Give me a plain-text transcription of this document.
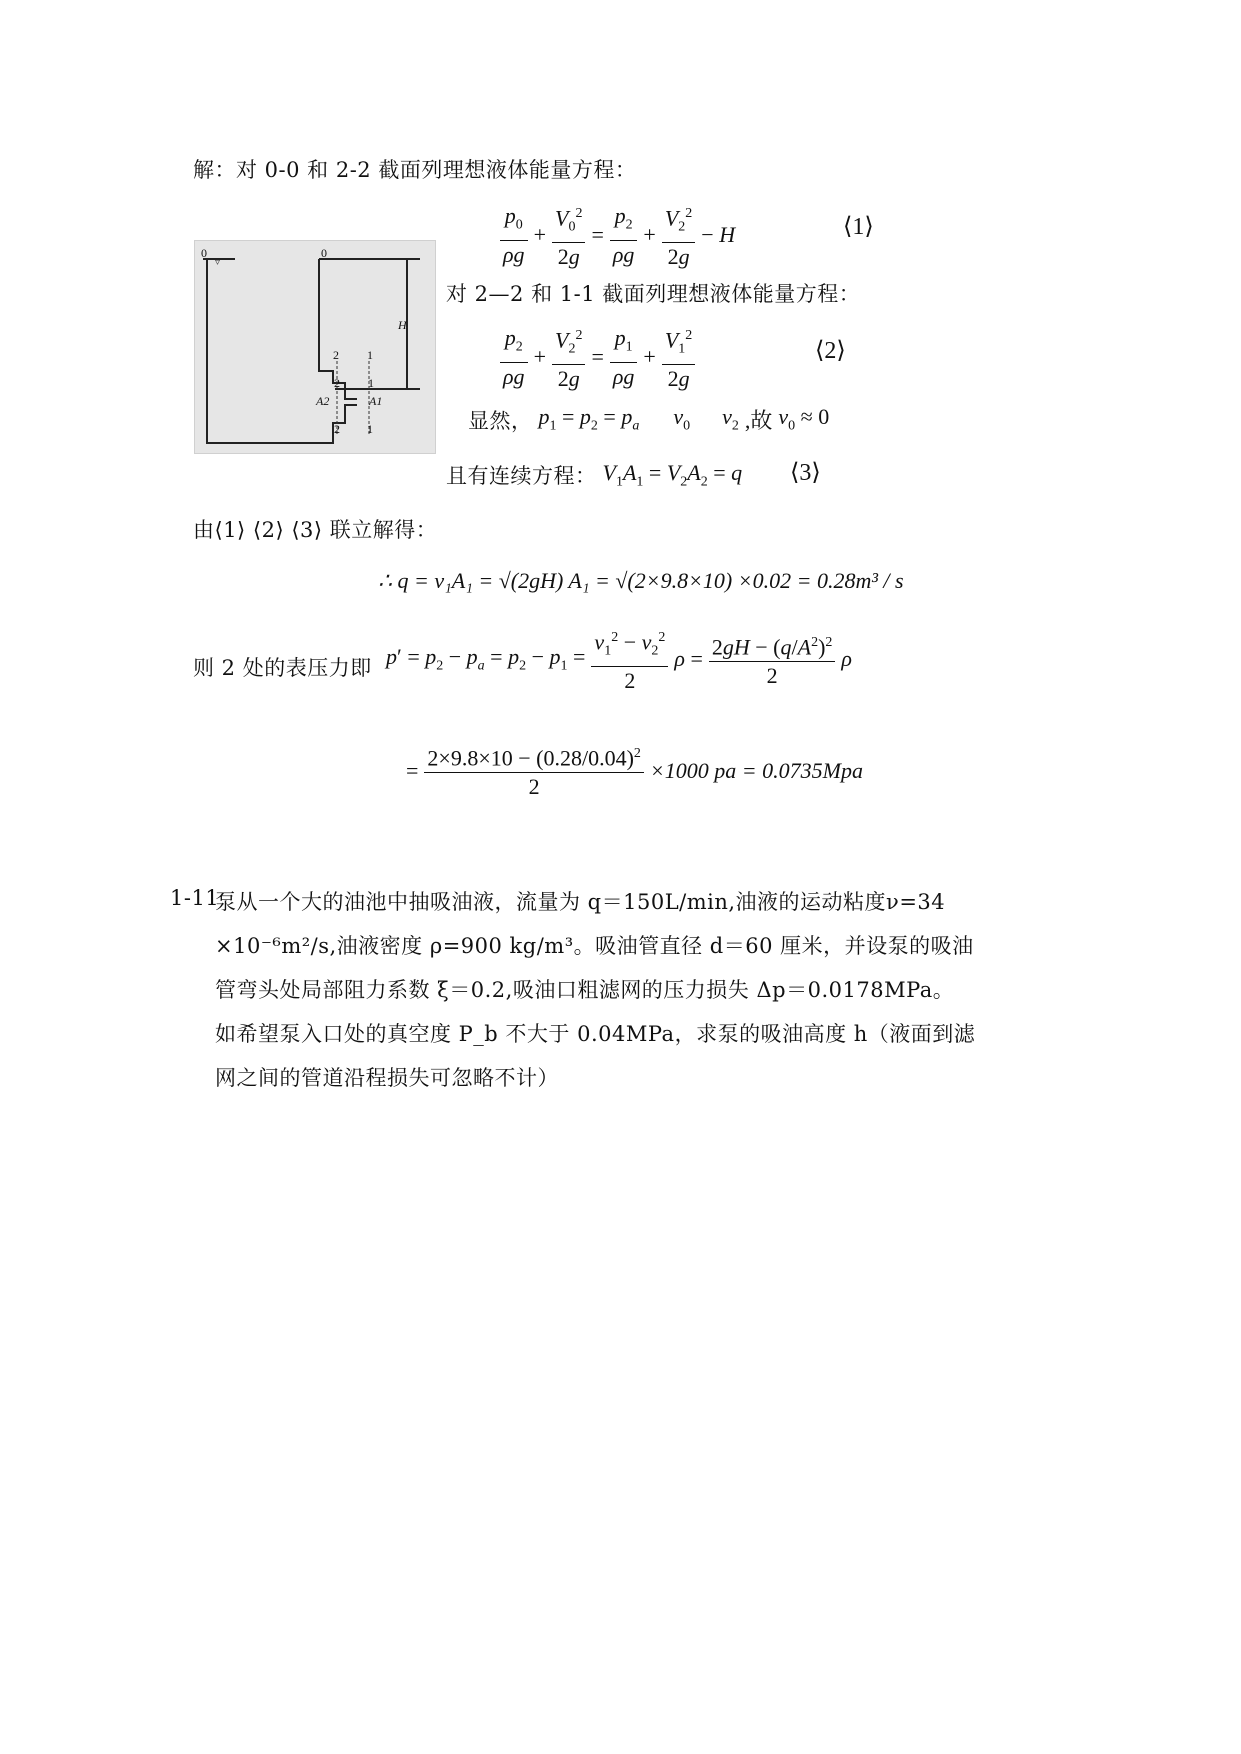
解：对 0-0 和 2-2 截面列理想液体能量方程：
$\frac{p_0}{\rho g} + \frac{V_0^2}{2g} = \frac{p_2}{\rho g} + \frac{V_2^2}{2g} - H$	⟨1⟩
0	0
H
2 1
2 1
A2	A1
2 1
▿
对 2—2 和 1-1 截面列理想液体能量方程：
$\frac{p_2}{\rho g} + \frac{V_2^2}{2g} = \frac{p_1}{\rho g} + \frac{V_1^2}{2g}$	⟨2⟩
显然， $p_1 = p_2 = p_a$ $v_0$ $v_2$ ,故 $v_0 \approx 0$
且有连续方程： $V_1A_1 = V_2A_2 = q$ ⟨3⟩
由⟨1⟩ ⟨2⟩ ⟨3⟩ 联立解得：
∴ q = v₁A₁ = √(2gH) A₁ = √(2×9.8×10) ×0.02 = 0.28m³ / s
则 2 处的表压力即 $p' = p_2 - p_a = p_2 - p_1 = \frac{v_1^2 - v_2^2}{2}$ $\rho = \frac{2gH - (q/A^2)^2}{2}$ ρ
= $\frac{2\times 9.8\times 10 - (0.28/0.04)^2}{2} \times 1000$ pa = 0.0735Mpa
1-11
泵从一个大的油池中抽吸油液，流量为 q＝150L/min,油液的运动粘度ν=34
×10⁻⁶m²/s,油液密度 ρ=900 kg/m³。吸油管直径 d＝60 厘米，并设泵的吸油
管弯头处局部阻力系数 ξ＝0.2,吸油口粗滤网的压力损失 Δp＝0.0178MPa。
如希望泵入口处的真空度 P_b 不大于 0.04MPa，求泵的吸油高度 h（液面到滤
网之间的管道沿程损失可忽略不计）
